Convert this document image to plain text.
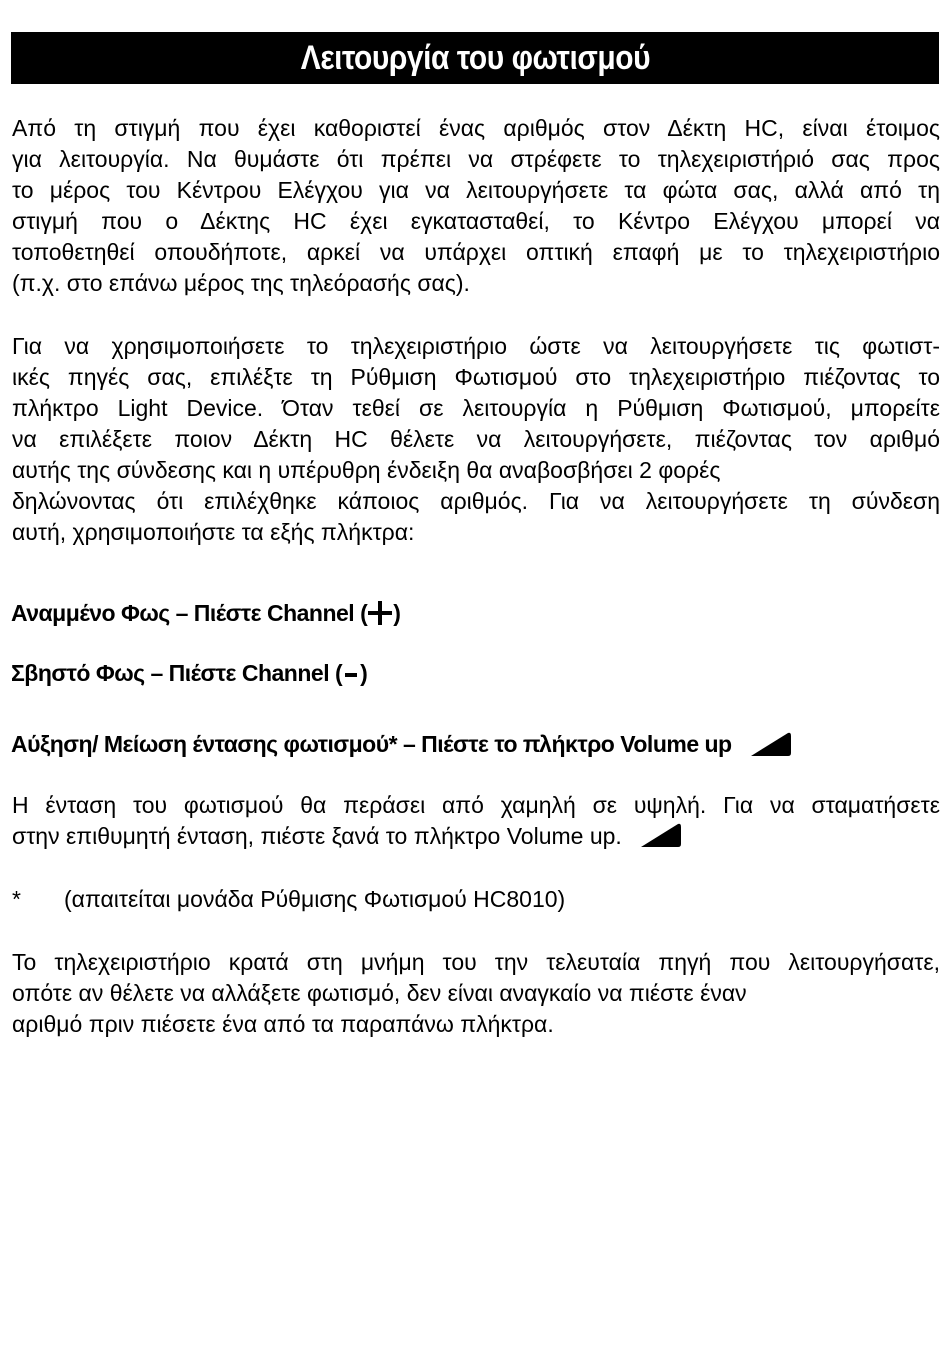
Λειτουργία του φωτισμού

Από τη στιγμή που έχει καθοριστεί ένας αριθμός στον Δέκτη HC, είναι έτοιμος
για λειτουργία. Να θυμάστε ότι πρέπει να στρέφετε το τηλεχειριστήριό σας προς
το μέρος του Κέντρου Ελέγχου για να λειτουργήσετε τα φώτα σας, αλλά από τη
στιγμή που ο Δέκτης HC έχει εγκατασταθεί, το Κέντρο Ελέγχου μπορεί να
τοποθετηθεί οπουδήποτε, αρκεί να υπάρχει οπτική επαφή με το τηλεχειριστήριο
(π.χ. στο επάνω μέρος της τηλεόρασής σας).

Για να χρησιμοποιήσετε το τηλεχειριστήριο ώστε να λειτουργήσετε τις φωτιστ-
ικές πηγές σας, επιλέξτε τη Ρύθμιση Φωτισμού στο τηλεχειριστήριο πιέζοντας το
πλήκτρο Light Device. Όταν τεθεί σε λειτουργία η Ρύθμιση Φωτισμού, μπορείτε
να επιλέξετε ποιον Δέκτη HC θέλετε να λειτουργήσετε, πιέζοντας τον αριθμό
αυτής της σύνδεσης και η υπέρυθρη ένδειξη θα αναβοσβήσει 2 φορές
δηλώνοντας ότι επιλέχθηκε κάποιος αριθμός. Για να λειτουργήσετε τη σύνδεση
αυτή, χρησιμοποιήστε τα εξής πλήκτρα:

Αναμμένο Φως – Πιέστε Channel ( )
Σβηστό Φως – Πιέστε Channel ( )
Αύξηση/ Μείωση έντασης φωτισμού* – Πιέστε το πλήκτρο Volume up

Η ένταση του φωτισμού θα περάσει από χαμηλή σε υψηλή. Για να σταματήσετε
στην επιθυμητή ένταση, πιέστε ξανά το πλήκτρο Volume up.

* (απαιτείται μονάδα Ρύθμισης Φωτισμού HC8010)

Το τηλεχειριστήριο κρατά στη μνήμη του την τελευταία πηγή που λειτουργήσατε,
οπότε αν θέλετε να αλλάξετε φωτισμό, δεν είναι αναγκαίο να πιέστε έναν
αριθμό πριν πιέσετε ένα από τα παραπάνω πλήκτρα.
